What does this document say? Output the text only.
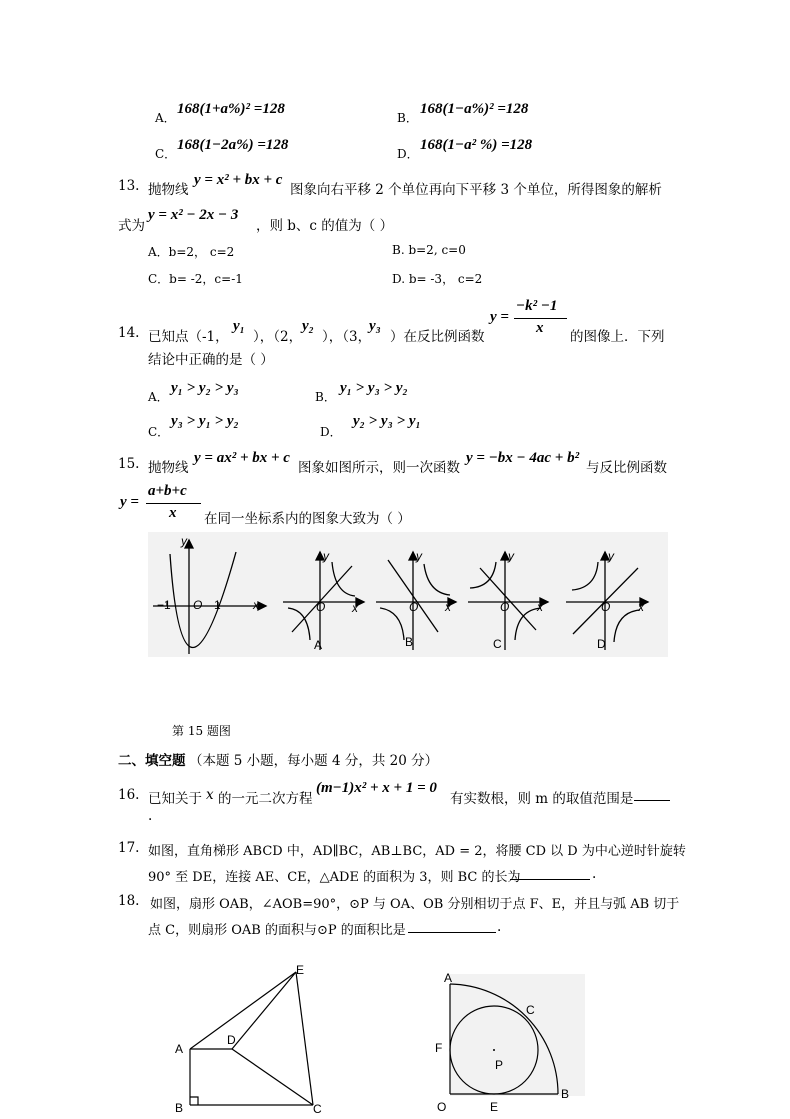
A．
168(1+a%)² =128
B．
168(1−a%)² =128
C．
168(1−2a%) =128
D．
168(1−a² %) =128
13. 抛物线
y = x² + bx + c
图象向右平移 2 个单位再向下平移 3 个单位，所得图象的解析
式为
y = x² − 2x − 3
，则 b、c 的值为（ ）
A．b=2， c=2	B. b=2, c=0
C．b= -2，c=-1	D. b= -3， c=2
14. 已知点（-1，
y₁
），（2，
y₂
），（3，
y₃
）在反比例函数
y =
−k² −1
x
的图像上．下列
结论中正确的是（ ）
A．
y₁ > y₂ > y₃
B．
y₁ > y₃ > y₂
C．
y₃ > y₁ > y₂
D．
y₂ > y₃ > y₁
15. 抛物线
y = ax² + bx + c
图象如图所示，则一次函数
y = −bx − 4ac + b²
与反比例函数
y =
a+b+c
x 在同一坐标系内的图象大致为（ ）
y
x
O
−1	1
y
x
O
y
x
O
y
x
O
y
x
O
A	B	C	D
第 15 题图
二、填空题 （本题 5 小题，每小题 4 分，共 20 分）
16. 已知关于 x 的一元二次方程
(m−1)x² + x + 1 = 0
有实数根，则 m 的取值范围是
.
17. 如图，直角梯形 ABCD 中，AD∥BC，AB⊥BC，AD = 2，将腰 CD 以 D 为中心逆时针旋转
90° 至 DE，连接 AE、CE，△ADE 的面积为 3，则 BC 的长为	.
18. 如图，扇形 OAB，∠AOB=90°，⊙P 与 OA、OB 分别相切于点 F、E，并且与弧 AB 切于
点 C，则扇形 OAB 的面积与⊙P 的面积比是	.
A
B	C
D
E
A
B
C
E
F
O
P
